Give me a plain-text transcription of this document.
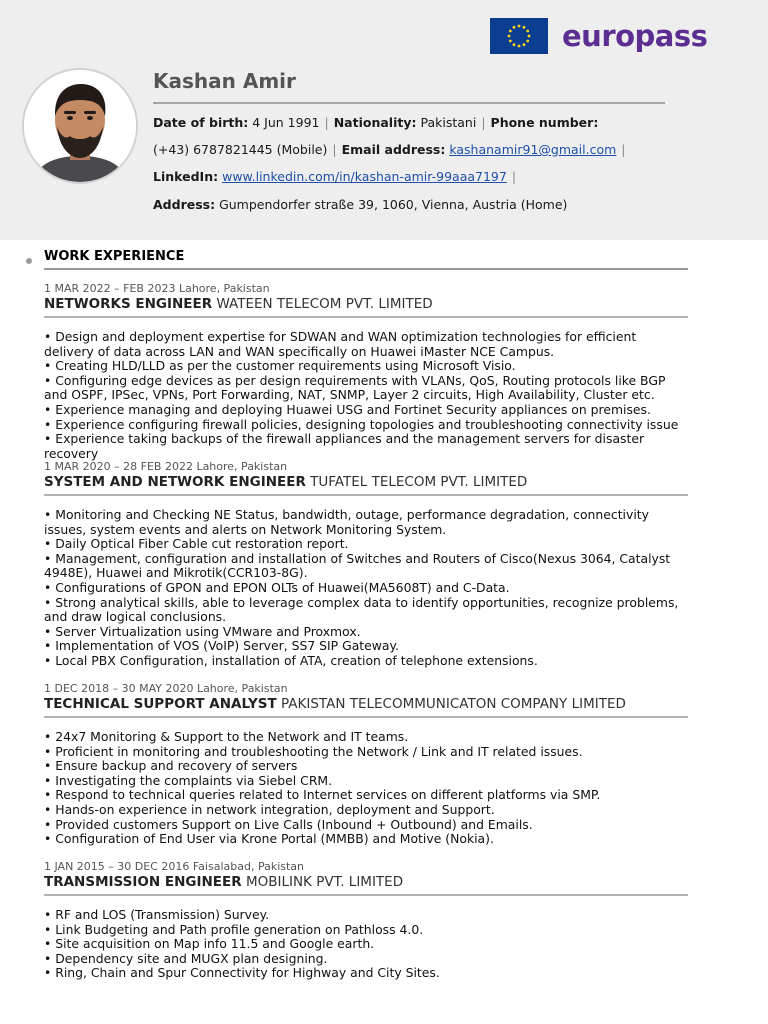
europass
Kashan Amir
Date of birth: 4 Jun 1991 | Nationality: Pakistani | Phone number:
(+43) 6787821445 (Mobile) | Email address: kashanamir91@gmail.com |
LinkedIn: www.linkedin.com/in/kashan-amir-99aaa7197 |
Address: Gumpendorfer straße 39, 1060, Vienna, Austria (Home)
WORK EXPERIENCE
1 MAR 2022 – FEB 2023 Lahore, Pakistan
NETWORKS ENGINEER WATEEN TELECOM PVT. LIMITED
• Design and deployment expertise for SDWAN and WAN optimization technologies for efficient delivery of data across LAN and WAN specifically on Huawei iMaster NCE Campus.
• Creating HLD/LLD as per the customer requirements using Microsoft Visio.
• Configuring edge devices as per design requirements with VLANs, QoS, Routing protocols like BGP and OSPF, IPSec, VPNs, Port Forwarding, NAT, SNMP, Layer 2 circuits, High Availability, Cluster etc.
• Experience managing and deploying Huawei USG and Fortinet Security appliances on premises.
• Experience configuring firewall policies, designing topologies and troubleshooting connectivity issue
• Experience taking backups of the firewall appliances and the management servers for disaster recovery
1 MAR 2020 – 28 FEB 2022 Lahore, Pakistan
SYSTEM AND NETWORK ENGINEER TUFATEL TELECOM PVT. LIMITED
• Monitoring and Checking NE Status, bandwidth, outage, performance degradation, connectivity issues, system events and alerts on Network Monitoring System.
• Daily Optical Fiber Cable cut restoration report.
• Management, configuration and installation of Switches and Routers of Cisco(Nexus 3064, Catalyst 4948E), Huawei and Mikrotik(CCR103-8G).
• Configurations of GPON and EPON OLTs of Huawei(MA5608T) and C-Data.
• Strong analytical skills, able to leverage complex data to identify opportunities, recognize problems, and draw logical conclusions.
• Server Virtualization using VMware and Proxmox.
• Implementation of VOS (VoIP) Server, SS7 SIP Gateway.
• Local PBX Configuration, installation of ATA, creation of telephone extensions.
1 DEC 2018 – 30 MAY 2020 Lahore, Pakistan
TECHNICAL SUPPORT ANALYST PAKISTAN TELECOMMUNICATON COMPANY LIMITED
• 24x7 Monitoring & Support to the Network and IT teams.
• Proficient in monitoring and troubleshooting the Network / Link and IT related issues.
• Ensure backup and recovery of servers
• Investigating the complaints via Siebel CRM.
• Respond to technical queries related to Internet services on different platforms via SMP.
• Hands-on experience in network integration, deployment and Support.
• Provided customers Support on Live Calls (Inbound + Outbound) and Emails.
• Configuration of End User via Krone Portal (MMBB) and Motive (Nokia).
1 JAN 2015 – 30 DEC 2016 Faisalabad, Pakistan
TRANSMISSION ENGINEER MOBILINK PVT. LIMITED
• RF and LOS (Transmission) Survey.
• Link Budgeting and Path profile generation on Pathloss 4.0.
• Site acquisition on Map info 11.5 and Google earth.
• Dependency site and MUGX plan designing.
• Ring, Chain and Spur Connectivity for Highway and City Sites.
